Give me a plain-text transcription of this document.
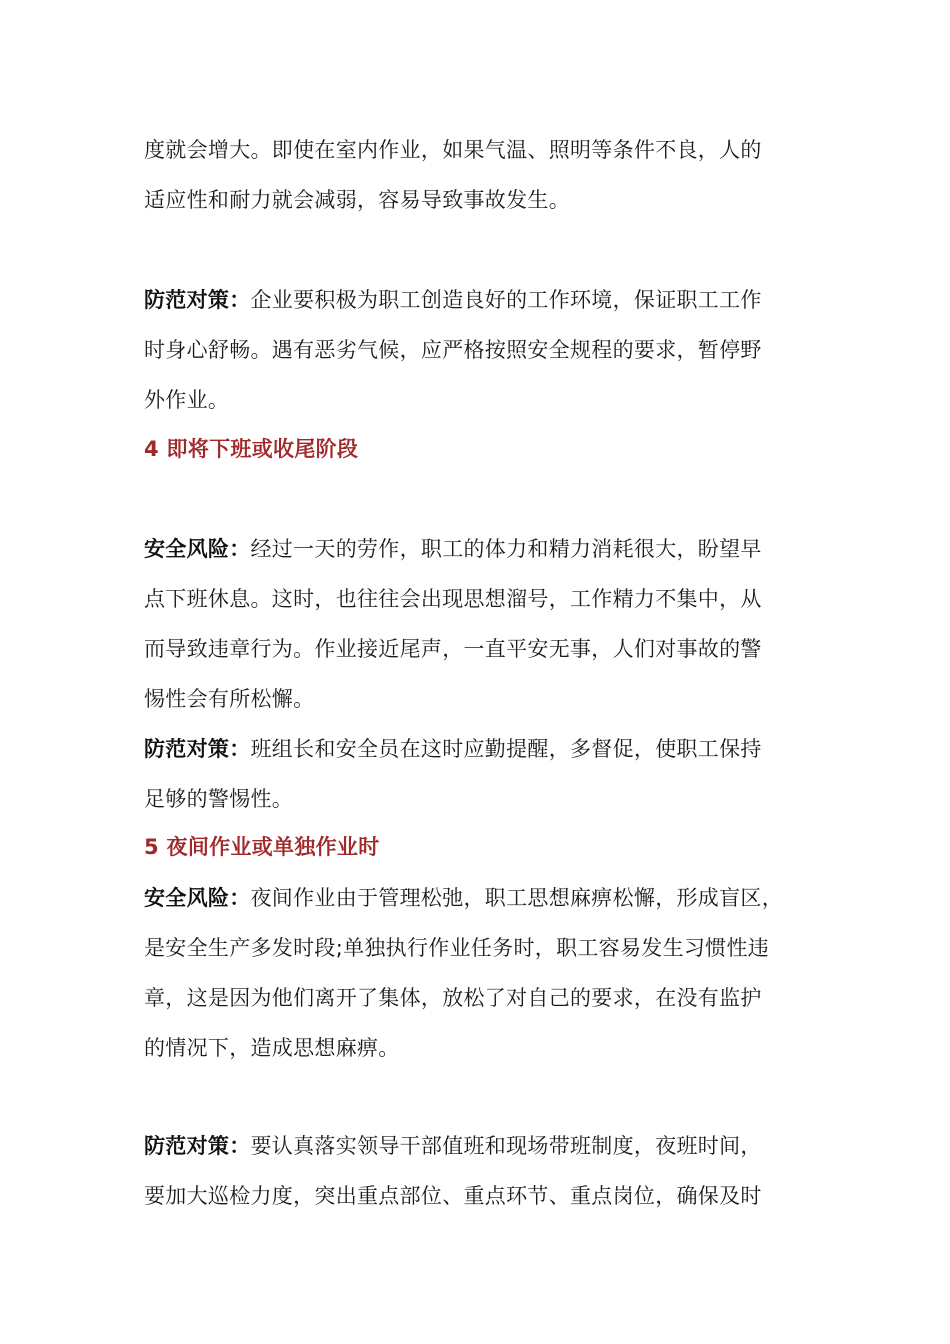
度就会增大。即使在室内作业，如果气温、照明等条件不良，人的
适应性和耐力就会减弱，容易导致事故发生。
防范对策：企业要积极为职工创造良好的工作环境，保证职工工作
时身心舒畅。遇有恶劣气候，应严格按照安全规程的要求，暂停野
外作业。
4 即将下班或收尾阶段
安全风险：经过一天的劳作，职工的体力和精力消耗很大，盼望早
点下班休息。这时，也往往会出现思想溜号，工作精力不集中，从
而导致违章行为。作业接近尾声，一直平安无事，人们对事故的警
惕性会有所松懈。
防范对策：班组长和安全员在这时应勤提醒，多督促，使职工保持
足够的警惕性。
5 夜间作业或单独作业时
安全风险：夜间作业由于管理松弛，职工思想麻痹松懈，形成盲区，
是安全生产多发时段;单独执行作业任务时，职工容易发生习惯性违
章，这是因为他们离开了集体，放松了对自己的要求，在没有监护
的情况下，造成思想麻痹。
防范对策：要认真落实领导干部值班和现场带班制度，夜班时间，
要加大巡检力度，突出重点部位、重点环节、重点岗位，确保及时
